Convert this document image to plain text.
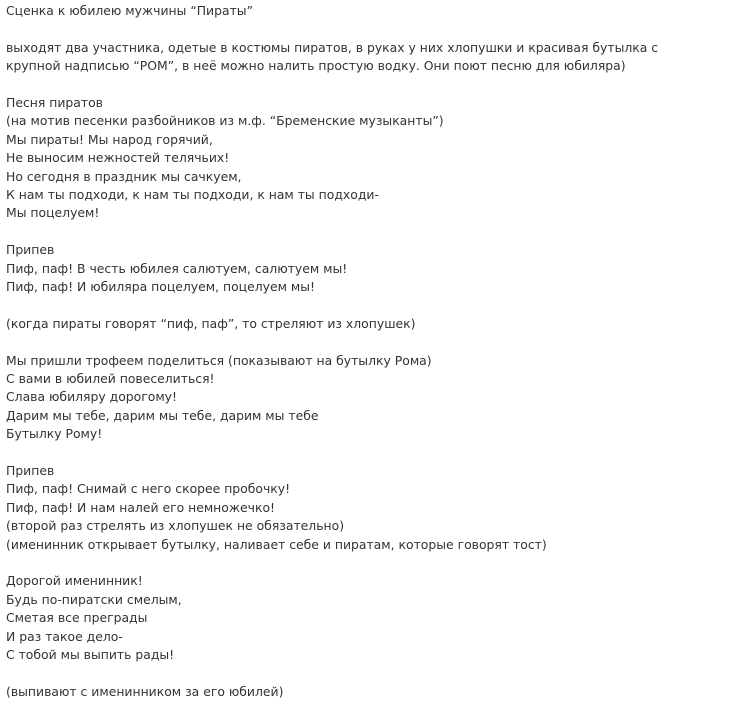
Сценка к юбилею мужчины “Пираты”
выходят два участника, одетые в костюмы пиратов, в руках у них хлопушки и красивая бутылка с
крупной надписью “РОМ”, в неё можно налить простую водку. Они поют песню для юбиляра)
Песня пиратов
(на мотив песенки разбойников из м.ф. “Бременские музыканты”)
Мы пираты! Мы народ горячий,
Не выносим нежностей телячьих!
Но сегодня в праздник мы сачкуем,
К нам ты подходи, к нам ты подходи, к нам ты подходи-
Мы поцелуем!
Припев
Пиф, паф! В честь юбилея салютуем, салютуем мы!
Пиф, паф! И юбиляра поцелуем, поцелуем мы!
(когда пираты говорят “пиф, паф”, то стреляют из хлопушек)
Мы пришли трофеем поделиться (показывают на бутылку Рома)
С вами в юбилей повеселиться!
Слава юбиляру дорогому!
Дарим мы тебе, дарим мы тебе, дарим мы тебе
Бутылку Рому!
Припев
Пиф, паф! Снимай с него скорее пробочку!
Пиф, паф! И нам налей его немножечко!
(второй раз стрелять из хлопушек не обязательно)
(именинник открывает бутылку, наливает себе и пиратам, которые говорят тост)
Дорогой именинник!
Будь по-пиратски смелым,
Сметая все преграды
И раз такое дело-
С тобой мы выпить рады!
(выпивают с именинником за его юбилей)
